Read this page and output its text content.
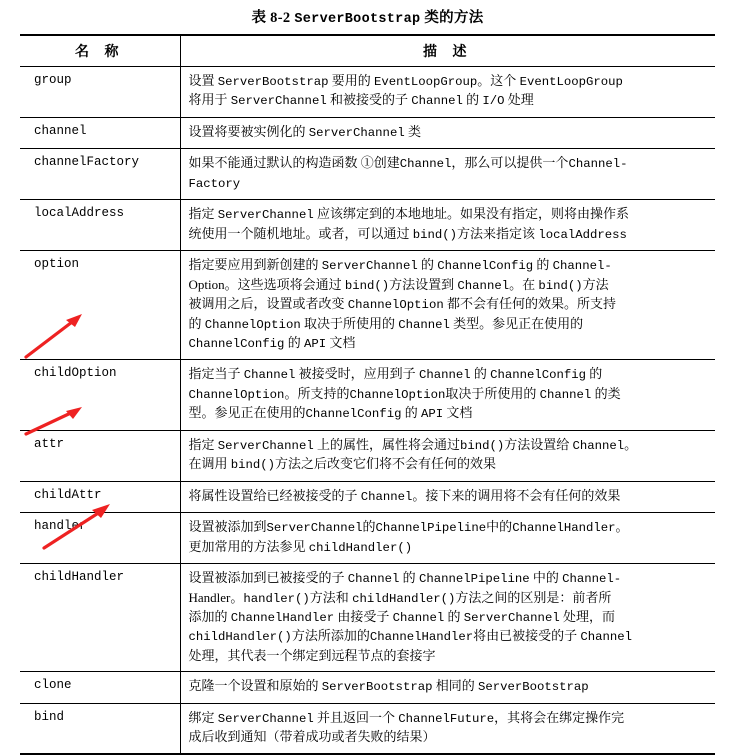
表 8-2 ServerBootstrap 类的方法
名 称	描 述
group	设置 ServerBootstrap 要用的 EventLoopGroup。这个 EventLoopGroup
将用于 ServerChannel 和被接受的子 Channel 的 I/O 处理

channel	设置将要被实例化的 ServerChannel 类

channelFactory	如果不能通过默认的构造函数 ①创建Channel，那么可以提供一个Channel-
Factory

localAddress	指定 ServerChannel 应该绑定到的本地地址。如果没有指定，则将由操作系
统使用一个随机地址。或者，可以通过 bind()方法来指定该 localAddress

option	指定要应用到新创建的 ServerChannel 的 ChannelConfig 的 Channel-
Option。这些选项将会通过 bind()方法设置到 Channel。在 bind()方法
被调用之后，设置或者改变 ChannelOption 都不会有任何的效果。所支持
的 ChannelOption 取决于所使用的 Channel 类型。参见正在使用的
ChannelConfig 的 API 文档

childOption	指定当子 Channel 被接受时，应用到子 Channel 的 ChannelConfig 的
ChannelOption。所支持的ChannelOption取决于所使用的 Channel 的类
型。参见正在使用的ChannelConfig 的 API 文档

attr	指定 ServerChannel 上的属性，属性将会通过bind()方法设置给 Channel。
在调用 bind()方法之后改变它们将不会有任何的效果

childAttr	将属性设置给已经被接受的子 Channel。接下来的调用将不会有任何的效果

handler	设置被添加到ServerChannel的ChannelPipeline中的ChannelHandler。
更加常用的方法参见 childHandler()

childHandler	设置被添加到已被接受的子 Channel 的 ChannelPipeline 中的 Channel-
Handler。handler()方法和 childHandler()方法之间的区别是：前者所
添加的 ChannelHandler 由接受子 Channel 的 ServerChannel 处理，而
childHandler()方法所添加的ChannelHandler将由已被接受的子 Channel
处理，其代表一个绑定到远程节点的套接字

clone	克隆一个设置和原始的 ServerBootstrap 相同的 ServerBootstrap

bind	绑定 ServerChannel 并且返回一个 ChannelFuture，其将会在绑定操作完
成后收到通知（带着成功或者失败的结果）
